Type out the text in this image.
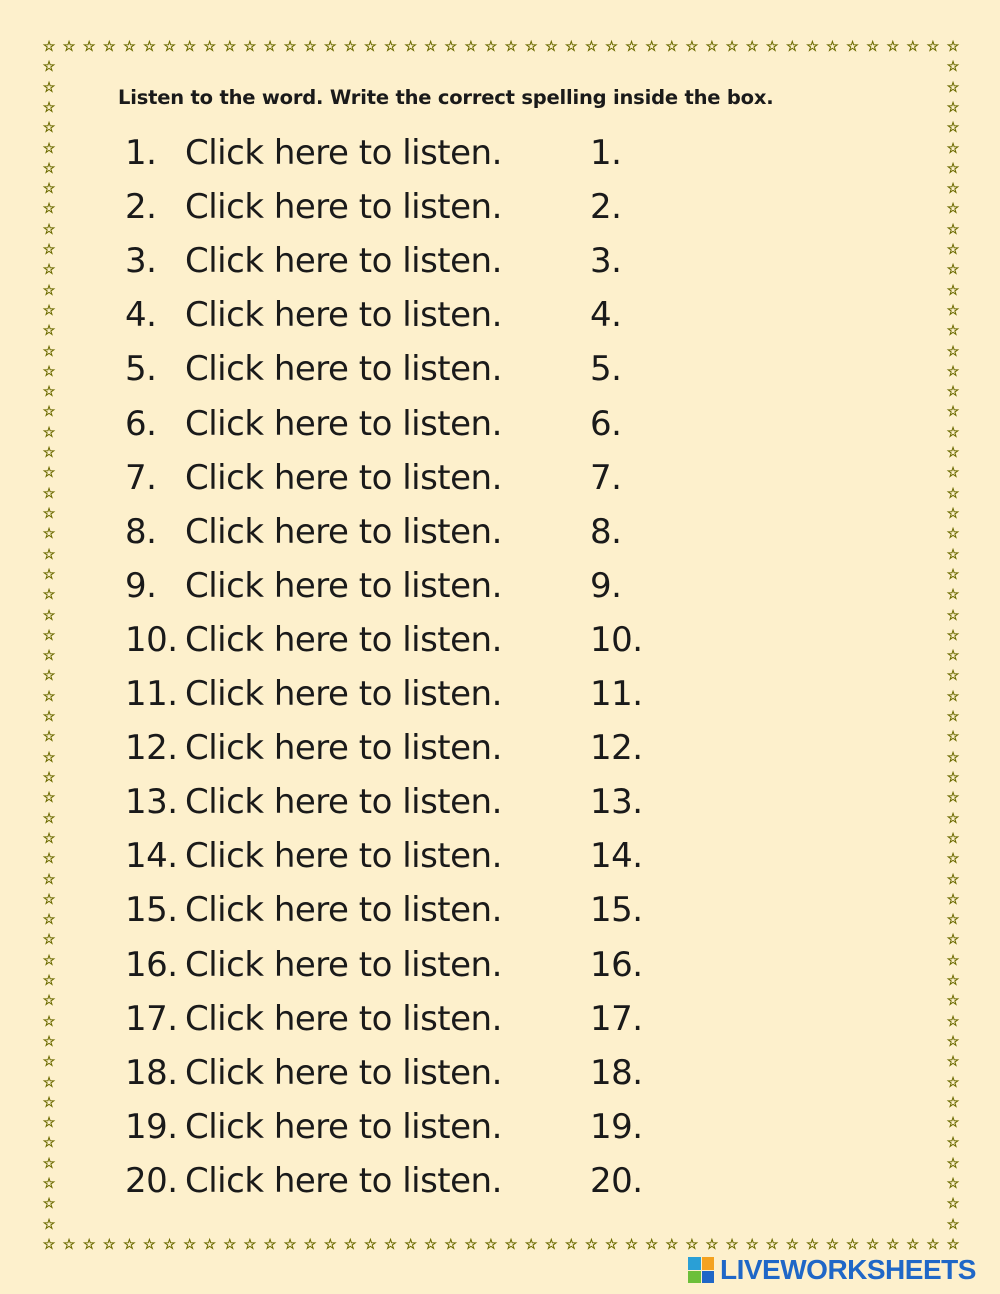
☆
☆
☆
☆
☆
☆
☆
☆
☆
☆
☆
☆
☆
☆
☆
☆
☆
☆
☆
☆
☆
☆
☆
☆
☆
☆
☆
☆
☆
☆
☆
☆
☆
☆
☆
☆
☆
☆
☆
☆
☆
☆
☆
☆
☆
☆
☆
☆
☆
☆
☆
☆
☆
☆
☆
☆
☆
☆
☆
☆
☆
☆
☆
☆
☆
☆
☆
☆
☆
☆
☆
☆
☆
☆
☆
☆
☆
☆
☆
☆
☆
☆
☆
☆
☆
☆
☆
☆
☆
☆
☆
☆
☆	☆
☆	☆
☆	☆
☆	☆
☆	☆
☆	☆
☆	☆
☆	☆
☆	☆
☆	☆
☆	☆
☆	☆
☆	☆
☆	☆
☆	☆
☆	☆
☆	☆
☆	☆
☆	☆
☆	☆
☆	☆
☆	☆
☆	☆
☆	☆
☆	☆
☆	☆
☆	☆
☆	☆
☆	☆
☆	☆
☆	☆
☆	☆
☆	☆
☆	☆
☆	☆
☆	☆
☆	☆
☆	☆
☆	☆
☆	☆
☆	☆
☆	☆
☆	☆
☆	☆
☆	☆
☆	☆
☆	☆
☆	☆
☆	☆
☆	☆
☆	☆
☆	☆
☆	☆
☆	☆
☆	☆
☆	☆
☆	☆
☆	☆
Listen to the word. Write the correct spelling inside the box.
1. Click here to listen.	1.
2. Click here to listen.	2.
3. Click here to listen.	3.
4. Click here to listen.	4.
5. Click here to listen.	5.
6. Click here to listen.	6.
7. Click here to listen.	7.
8. Click here to listen.	8.
9. Click here to listen.	9.
10. Click here to listen.	10.
11. Click here to listen.	11.
12. Click here to listen.	12.
13. Click here to listen.	13.
14. Click here to listen.	14.
15. Click here to listen.	15.
16. Click here to listen.	16.
17. Click here to listen.	17.
18. Click here to listen.	18.
19. Click here to listen.	19.
20. Click here to listen.	20.
LIVEWORKSHEETS
